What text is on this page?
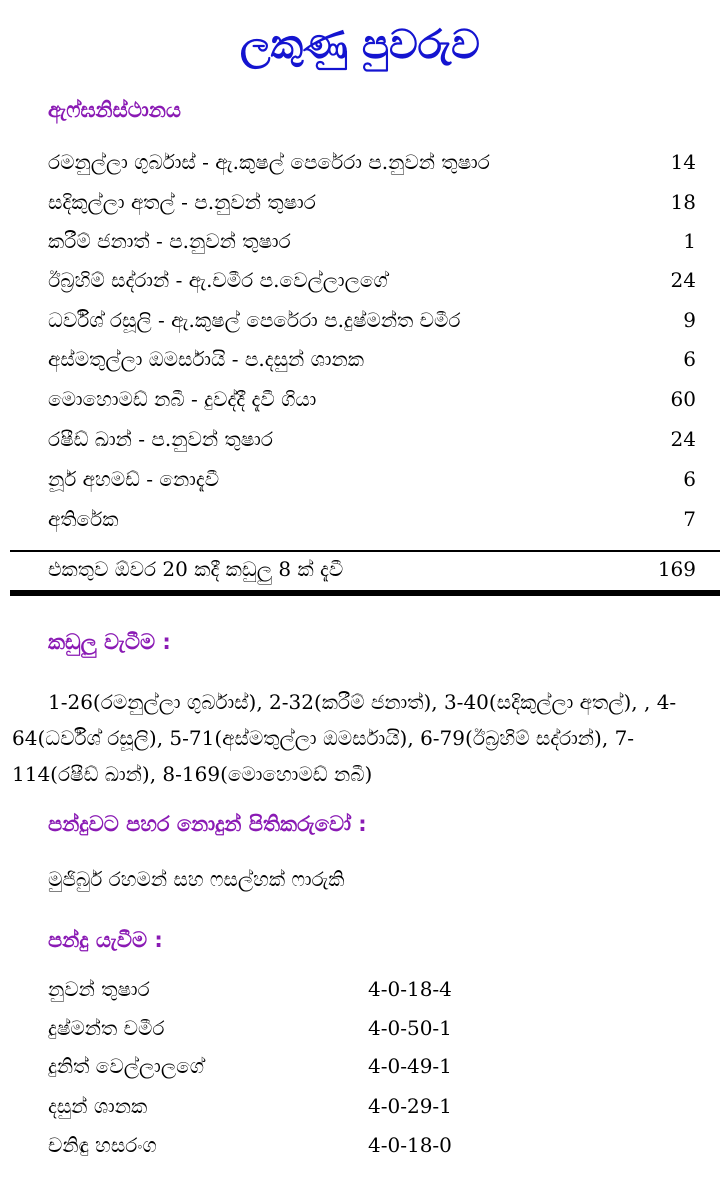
ලකුණු පුවරුව
ඇෆ්ඝනිස්ථානය
රමනුල්ලා ගුර්බාස් - ඇ.කුෂල් පෙරේරා ප.නුවන් තුෂාර	14
සදිකුල්ලා අතල් - ප.නුවන් තුෂාර	18
කරීම් ජනාත් - ප.නුවන් තුෂාර	1
ඊබ්‍රහිම් සද්රාන් - ඇ.චමීර ප.වෙල්ලාලගේ	24
ධර්විශ් රසූලි - ඇ.කුෂල් පෙරේරා ප.දුෂ්මන්ත චමීර	9
අස්මතුල්ලා ඔමර්සායි - ප.දසුන් ශානක	6
මොහොමඩ් නබී - දුවද්දී දැවී ගියා	60
රෂීඩ් ඛාන් - ප.නුවන් තුෂාර	24
නූර් අහමඩ් - නොදැවී	6
අතිරේක	7
එකතුව ඕවර 20 කදී කඩුලු 8 ක් දැවී	169
කඩුලු වැටීම :
1-26(රමනුල්ලා ගුර්බාස්), 2-32(කරීම් ජනාත්), 3-40(සදිකුල්ලා අතල්), , 4-64(ධර්විශ් රසූලි), 5-71(අස්මතුල්ලා ඔමර්සායි), 6-79(ඊබ්‍රහිම් සද්රාන්), 7-114(රෂීඩ් ඛාන්), 8-169(මොහොමඩ් නබී)
පන්දුවට පහර නොදුන් පිතිකරුවෝ :
මුජිබුර් රහමන් සහ ෆසල්හක් ෆාරුකි
පන්දු යැවීම :
නුවන් තුෂාර	4-0-18-4
දුෂ්මන්ත චමීර	4-0-50-1
දුනිත් වෙල්ලාලගේ	4-0-49-1
දසුන් ශානක	4-0-29-1
චනිඳු හසරංග	4-0-18-0
